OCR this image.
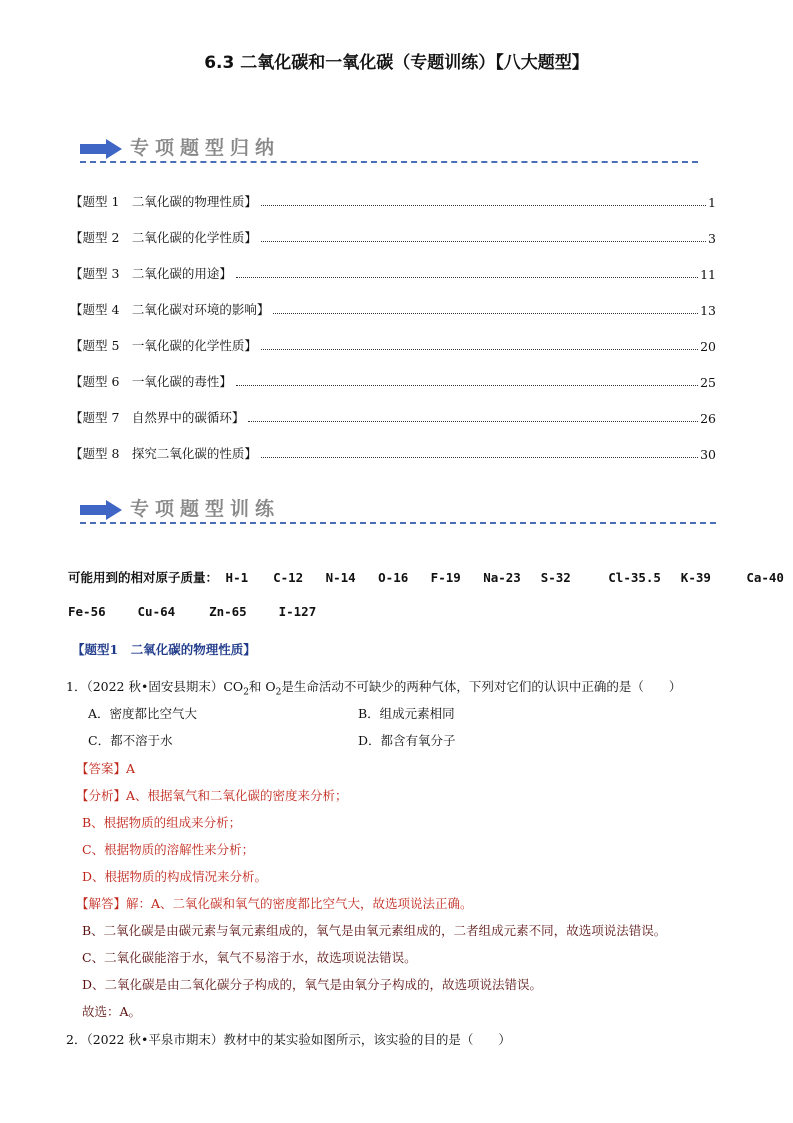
6.3 二氧化碳和一氧化碳（专题训练）【八大题型】
专项题型归纳
【题型 1　二氧化碳的物理性质】	1
【题型 2　二氧化碳的化学性质】	3
【题型 3　二氧化碳的用途】	11
【题型 4　二氧化碳对环境的影响】	13
【题型 5　一氧化碳的化学性质】	20
【题型 6　一氧化碳的毒性】	25
【题型 7　自然界中的碳循环】	26
【题型 8　探究二氧化碳的性质】	30
专项题型训练
可能用到的相对原子质量： H-1 C-12 N-14 O-16 F-19 Na-23 S-32	Cl-35.5 K-39	Ca-40
Fe-56	Cu-64	Zn-65	I-127
【题型1　二氧化碳的物理性质】
1．（2022 秋•固安县期末）$CO_2$和 $O_2$是生命活动不可缺少的两种气体，下列对它们的认识中正确的是（　　）
A．密度都比空气大	B．组成元素相同
C．都不溶于水	D．都含有氧分子
【答案】A
【分析】A、根据氧气和二氧化碳的密度来分析；
B、根据物质的组成来分析；
C、根据物质的溶解性来分析；
D、根据物质的构成情况来分析。
【解答】解：A、二氧化碳和氧气的密度都比空气大，故选项说法正确。
B、二氧化碳是由碳元素与氧元素组成的，氧气是由氧元素组成的，二者组成元素不同，故选项说法错误。
C、二氧化碳能溶于水，氧气不易溶于水，故选项说法错误。
D、二氧化碳是由二氧化碳分子构成的，氧气是由氧分子构成的，故选项说法错误。
故选：A。
2．（2022 秋•平泉市期末）教材中的某实验如图所示，该实验的目的是（　　）
